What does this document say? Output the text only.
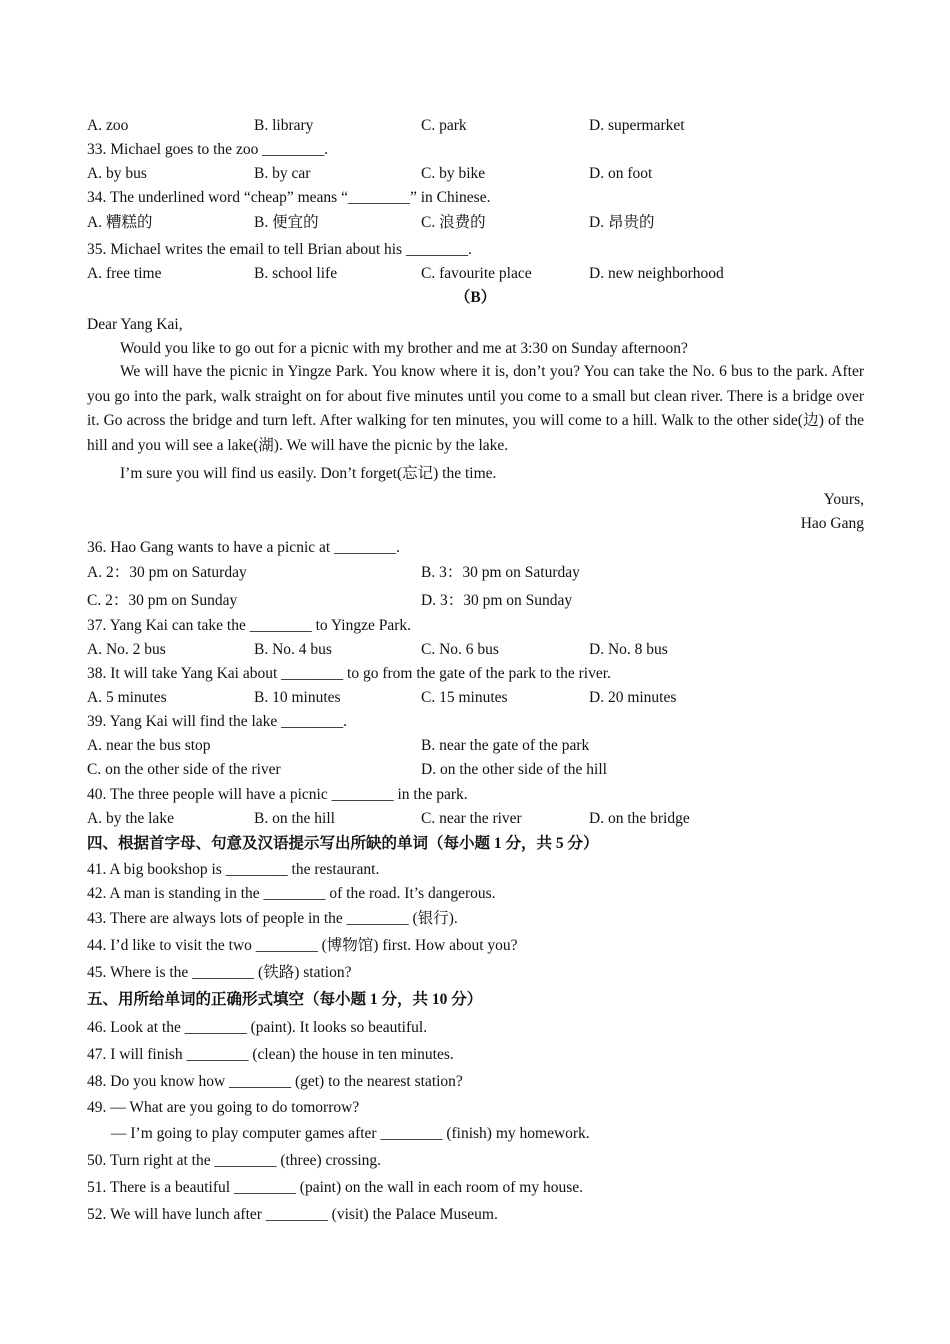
A. zoo	B. library	C. park	D. supermarket
33. Michael goes to the zoo ________.
A. by bus	B. by car	C. by bike	D. on foot
34. The underlined word “cheap” means “________” in Chinese.
A. 糟糕的	B. 便宜的	C. 浪费的	D. 昂贵的
35. Michael writes the email to tell Brian about his ________.
A. free time	B. school life	C. favourite place	D. new neighborhood
（B）
Dear Yang Kai,
Would you like to go out for a picnic with my brother and me at 3:30 on Sunday afternoon?
We will have the picnic in Yingze Park. You know where it is, don’t you? You can take the No. 6 bus to the park. After you go into the park, walk straight on for about five minutes until you come to a small but clean river. There is a bridge over it. Go across the bridge and turn left. After walking for ten minutes, you will come to a hill. Walk to the other side(边) of the hill and you will see a lake(湖). We will have the picnic by the lake.
I’m sure you will find us easily. Don’t forget(忘记) the time.
Yours,
Hao Gang
36. Hao Gang wants to have a picnic at ________.
A. 2：30 pm on Saturday	B. 3：30 pm on Saturday
C. 2：30 pm on Sunday	D. 3：30 pm on Sunday
37. Yang Kai can take the ________ to Yingze Park.
A. No. 2 bus	B. No. 4 bus	C. No. 6 bus	D. No. 8 bus
38. It will take Yang Kai about ________ to go from the gate of the park to the river.
A. 5 minutes	B. 10 minutes	C. 15 minutes	D. 20 minutes
39. Yang Kai will find the lake ________.
A. near the bus stop	B. near the gate of the park
C. on the other side of the river	D. on the other side of the hill
40. The three people will have a picnic ________ in the park.
A. by the lake	B. on the hill	C. near the river	D. on the bridge
四、根据首字母、句意及汉语提示写出所缺的单词（每小题 1 分，共 5 分）
41. A big bookshop is ________ the restaurant.
42. A man is standing in the ________ of the road. It’s dangerous.
43. There are always lots of people in the ________ (银行).
44. I’d like to visit the two ________ (博物馆) first. How about you?
45. Where is the ________ (铁路) station?
五、用所给单词的正确形式填空（每小题 1 分，共 10 分）
46. Look at the ________ (paint). It looks so beautiful.
47. I will finish ________ (clean) the house in ten minutes.
48. Do you know how ________ (get) to the nearest station?
49. — What are you going to do tomorrow?
— I’m going to play computer games after ________ (finish) my homework.
50. Turn right at the ________ (three) crossing.
51. There is a beautiful ________ (paint) on the wall in each room of my house.
52. We will have lunch after ________ (visit) the Palace Museum.
